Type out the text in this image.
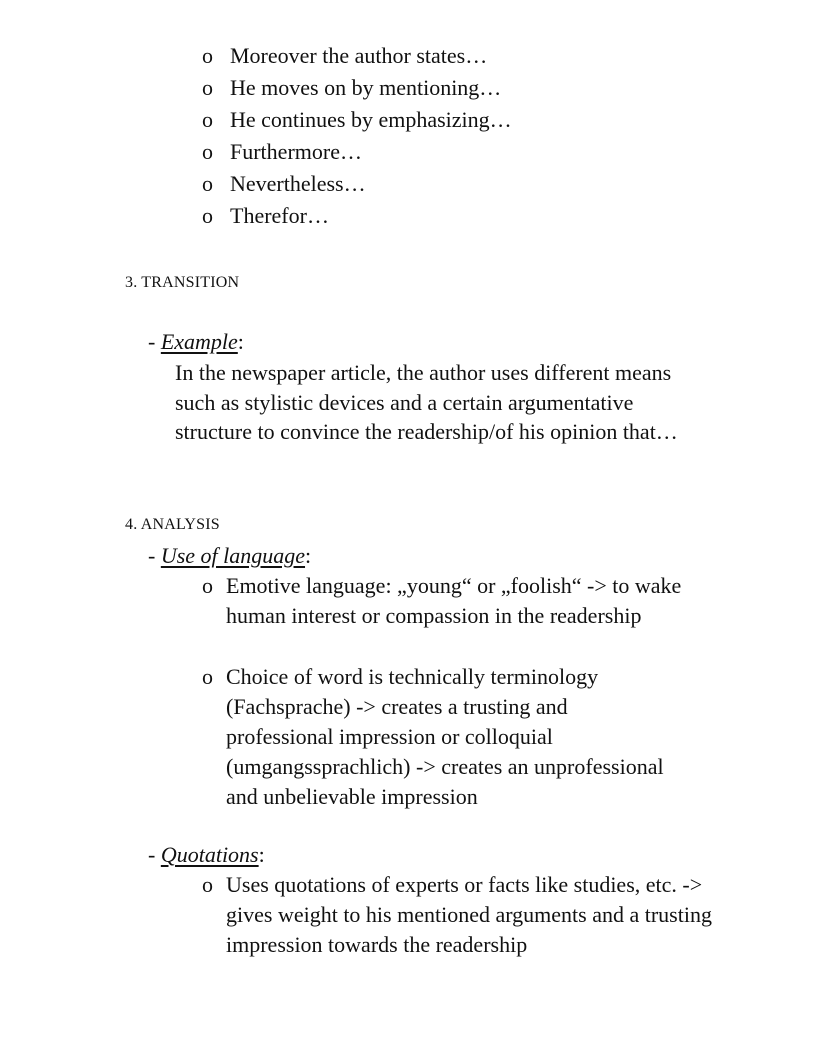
o Moreover the author states…
o He moves on by mentioning…
o He continues by emphasizing…
o Furthermore…
o Nevertheless…
o Therefor…
3. TRANSITION
- Example:

In the newspaper article, the author uses different means such as stylistic devices and a certain argumentative structure to convince the readership/of his opinion that…

4. ANALYSIS
- Use of language:
o Emotive language: „young“ or „foolish“ -> to wake human interest or compassion in the readership
o Choice of word is technically terminology (Fachsprache) -> creates a trusting and professional impression or colloquial (umgangssprachlich) -> creates an unprofessional and unbelievable impression
- Quotations:
o Uses quotations of experts or facts like studies, etc. -> gives weight to his mentioned arguments and a trusting impression towards the readership
